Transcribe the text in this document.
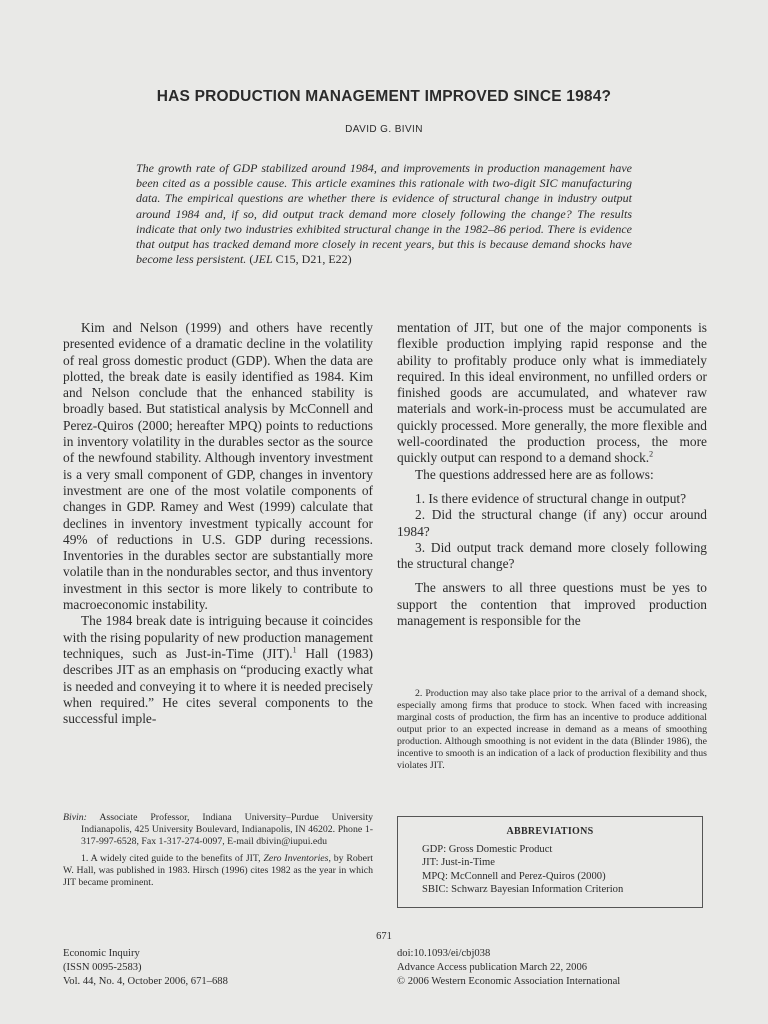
HAS PRODUCTION MANAGEMENT IMPROVED SINCE 1984?
DAVID G. BIVIN
The growth rate of GDP stabilized around 1984, and improvements in production management have been cited as a possible cause. This article examines this rationale with two-digit SIC manufacturing data. The empirical questions are whether there is evidence of structural change in industry output around 1984 and, if so, did output track demand more closely following the change? The results indicate that only two industries exhibited structural change in the 1982–86 period. There is evidence that output has tracked demand more closely in recent years, but this is because demand shocks have become less persistent. (JEL C15, D21, E22)

Kim and Nelson (1999) and others have recently presented evidence of a dramatic decline in the volatility of real gross domestic product (GDP). When the data are plotted, the break date is easily identified as 1984. Kim and Nelson conclude that the enhanced stability is broadly based. But statistical analysis by McConnell and Perez-Quiros (2000; hereafter MPQ) points to reductions in inventory volatility in the durables sector as the source of the newfound stability. Although inventory investment is a very small component of GDP, changes in inventory investment are one of the most volatile components of changes in GDP. Ramey and West (1999) calculate that declines in inventory investment typically account for 49% of reductions in U.S. GDP during recessions. Inventories in the durables sector are substantially more volatile than in the nondurables sector, and thus inventory investment in this sector is more likely to contribute to macroeconomic instability.

The 1984 break date is intriguing because it coincides with the rising popularity of new production management techniques, such as Just-in-Time (JIT).$^1$ Hall (1983) describes JIT as an emphasis on “producing exactly what is needed and conveying it to where it is needed precisely when required.” He cites several components to the successful imple-

mentation of JIT, but one of the major components is flexible production implying rapid response and the ability to profitably produce only what is immediately required. In this ideal environment, no unfilled orders or finished goods are accumulated, and whatever raw materials and work-in-process must be accumulated are quickly processed. More generally, the more flexible and well-coordinated the production process, the more quickly output can respond to a demand shock.$^2$

The questions addressed here are as follows:

1. Is there evidence of structural change in output?

2. Did the structural change (if any) occur around 1984?

3. Did output track demand more closely following the structural change?

The answers to all three questions must be yes to support the contention that improved production management is responsible for the

2. Production may also take place prior to the arrival of a demand shock, especially among firms that produce to stock. When faced with increasing marginal costs of production, the firm has an incentive to produce additional output prior to an expected increase in demand as a means of smoothing production. Although smoothing is not evident in the data (Blinder 1986), the incentive to smooth is an indication of a lack of production flexibility and thus violates JIT.

Bivin: Associate Professor, Indiana University–Purdue University Indianapolis, 425 University Boulevard, Indianapolis, IN 46202. Phone 1-317-997-6528, Fax 1-317-274-0097, E-mail dbivin@iupui.edu

1. A widely cited guide to the benefits of JIT, Zero Inventories, by Robert W. Hall, was published in 1983. Hirsch (1996) cites 1982 as the year in which JIT became prominent.

ABBREVIATIONS
GDP: Gross Domestic Product
JIT: Just-in-Time
MPQ: McConnell and Perez-Quiros (2000)
SBIC: Schwarz Bayesian Information Criterion
671
Economic Inquiry
(ISSN 0095-2583)
Vol. 44, No. 4, October 2006, 671–688
doi:10.1093/ei/cbj038
Advance Access publication March 22, 2006
© 2006 Western Economic Association International
